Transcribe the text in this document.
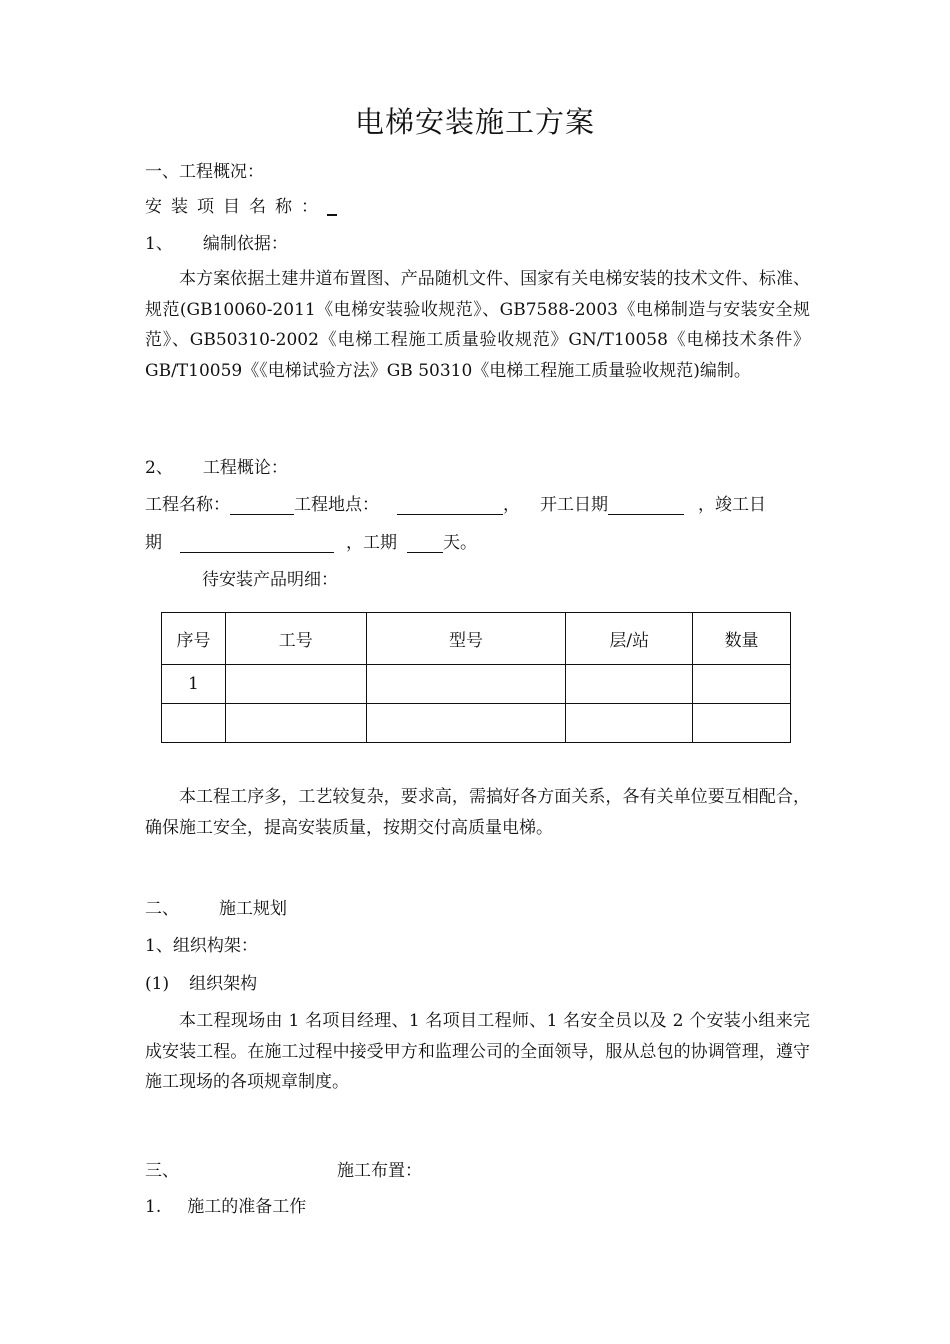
电梯安装施工方案
一、工程概况：
安装项目名称：
1、 编制依据：
本方案依据土建井道布置图、产品随机文件、国家有关电梯安装的技术文件、标准、规范(GB10060-2011《电梯安装验收规范》、GB7588-2003《电梯制造与安装安全规范》、GB50310-2002《电梯工程施工质量验收规范》GN/T10058《电梯技术条件》 GB/T10059《《电梯试验方法》GB 50310《电梯工程施工质量验收规范)编制。
2、 工程概论：
工程名称：	工程地点：	， 开工日期	，竣工日
期	，工期	天。
待安装产品明细：
序号	工号	型号	层/站	数量
1				

本工程工序多，工艺较复杂，要求高，需搞好各方面关系，各有关单位要互相配合，确保施工安全，提高安装质量，按期交付高质量电梯。
二、 施工规划
1、组织构架：
(1) 组织架构
本工程现场由 1 名项目经理、1 名项目工程师、1 名安全员以及 2 个安装小组来完成安装工程。在施工过程中接受甲方和监理公司的全面领导，服从总包的协调管理，遵守施工现场的各项规章制度。
三、	施工布置：
1. 施工的准备工作
